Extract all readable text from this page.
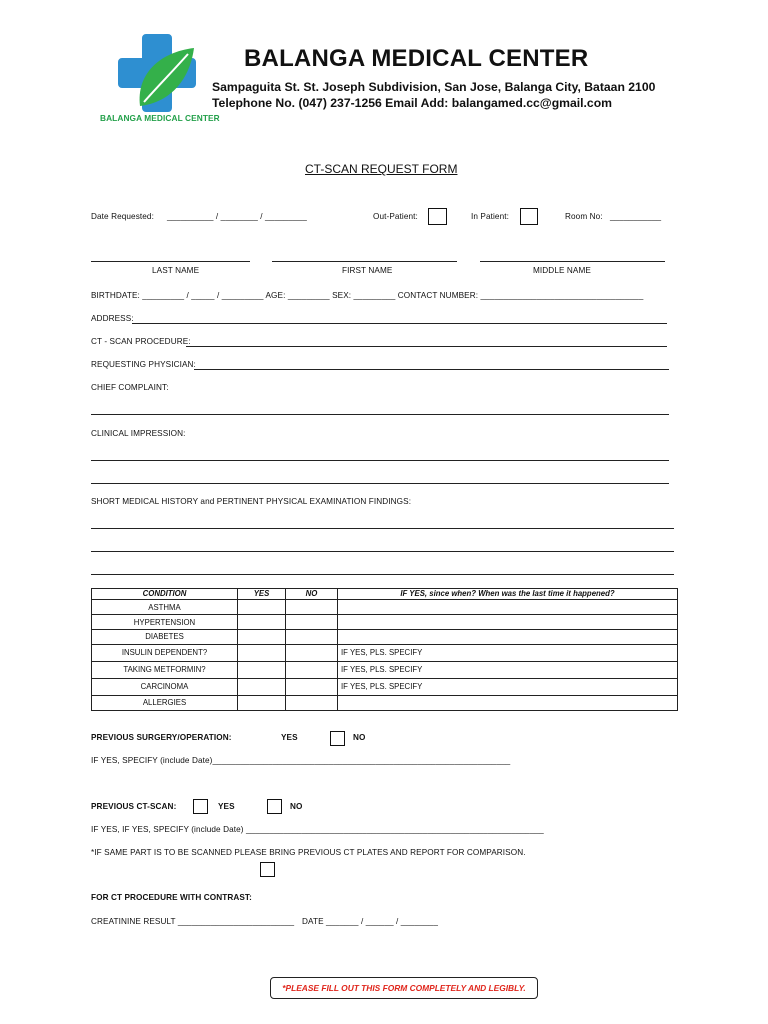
BALANGA MEDICAL CENTER
BALANGA MEDICAL CENTER
Sampaguita St. St. Joseph Subdivision, San Jose, Balanga City, Bataan 2100
Telephone No. (047) 237-1256 Email Add: balangamed.cc@gmail.com
CT-SCAN REQUEST FORM
Date Requested: __________ / ________ / _________	Out-Patient:	In Patient:	Room No: ___________
LAST NAME	FIRST NAME	MIDDLE NAME
BIRTHDATE: _________ / _____ / _________ AGE: _________ SEX: _________ CONTACT NUMBER: ___________________________________
ADDRESS:
CT - SCAN PROCEDURE:
REQUESTING PHYSICIAN:
CHIEF COMPLAINT:
CLINICAL IMPRESSION:
SHORT MEDICAL HISTORY and PERTINENT PHYSICAL EXAMINATION FINDINGS:
CONDITION	YES	NO	IF YES, since when? When was the last time it happened?
ASTHMA			
HYPERTENSION			
DIABETES			
INSULIN DEPENDENT?			IF YES, PLS. SPECIFY
TAKING METFORMIN?			IF YES, PLS. SPECIFY
CARCINOMA			IF YES, PLS. SPECIFY
ALLERGIES			
PREVIOUS SURGERY/OPERATION:	YES	NO
IF YES, SPECIFY (include Date)________________________________________________________________
PREVIOUS CT-SCAN:	YES	NO
IF YES, IF YES, SPECIFY (include Date) ________________________________________________________________
*IF SAME PART IS TO BE SCANNED PLEASE BRING PREVIOUS CT PLATES AND REPORT FOR COMPARISON.
FOR CT PROCEDURE WITH CONTRAST:
CREATININE RESULT _________________________ DATE _______ / ______ / ________
*PLEASE FILL OUT THIS FORM COMPLETELY AND LEGIBLY.
